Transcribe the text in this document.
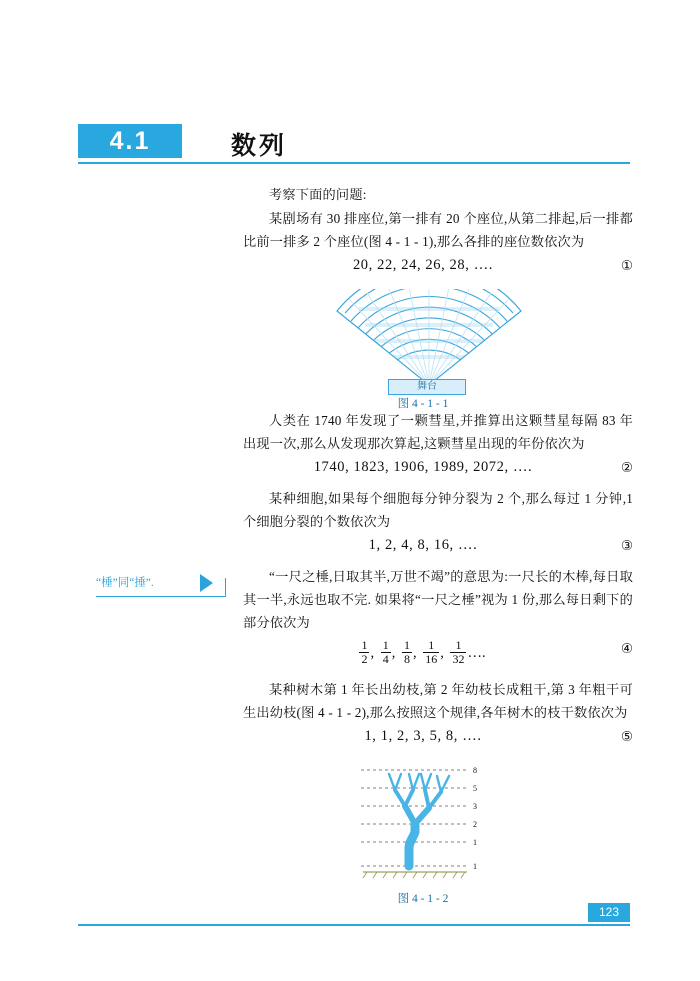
4.1	数列
“棰”同“捶”.

考察下面的问题:

某剧场有 30 排座位,第一排有 20 个座位,从第二排起,后一排都比前一排多 2 个座位(图 4 - 1 - 1),那么各排的座位数依次为

20, 22, 24, 26, 28, ….	①
舞台
图 4 - 1 - 1

人类在 1740 年发现了一颗彗星,并推算出这颗彗星每隔 83 年出现一次,那么从发现那次算起,这颗彗星出现的年份依次为

1740, 1823, 1906, 1989, 2072, ….	②

某种细胞,如果每个细胞每分钟分裂为 2 个,那么每过 1 分钟,1 个细胞分裂的个数依次为

1, 2, 4, 8, 16, ….	③

“一尺之棰,日取其半,万世不竭”的意思为:一尺长的木棒,每日取其一半,永远也取不完. 如果将“一尺之棰”视为 1 份,那么每日剩下的部分依次为

$\frac{1}{2}$ , $\frac{1}{4}$ , $\frac{1}{8}$ , $\frac{1}{16}$ , $\frac{1}{32}$ ….	④

某种树木第 1 年长出幼枝,第 2 年幼枝长成粗干,第 3 年粗干可生出幼枝(图 4 - 1 - 2),那么按照这个规律,各年树木的枝干数依次为

1, 1, 2, 3, 5, 8, ….	⑤
8
5
3
2
1
1
图 4 - 1 - 2
123
